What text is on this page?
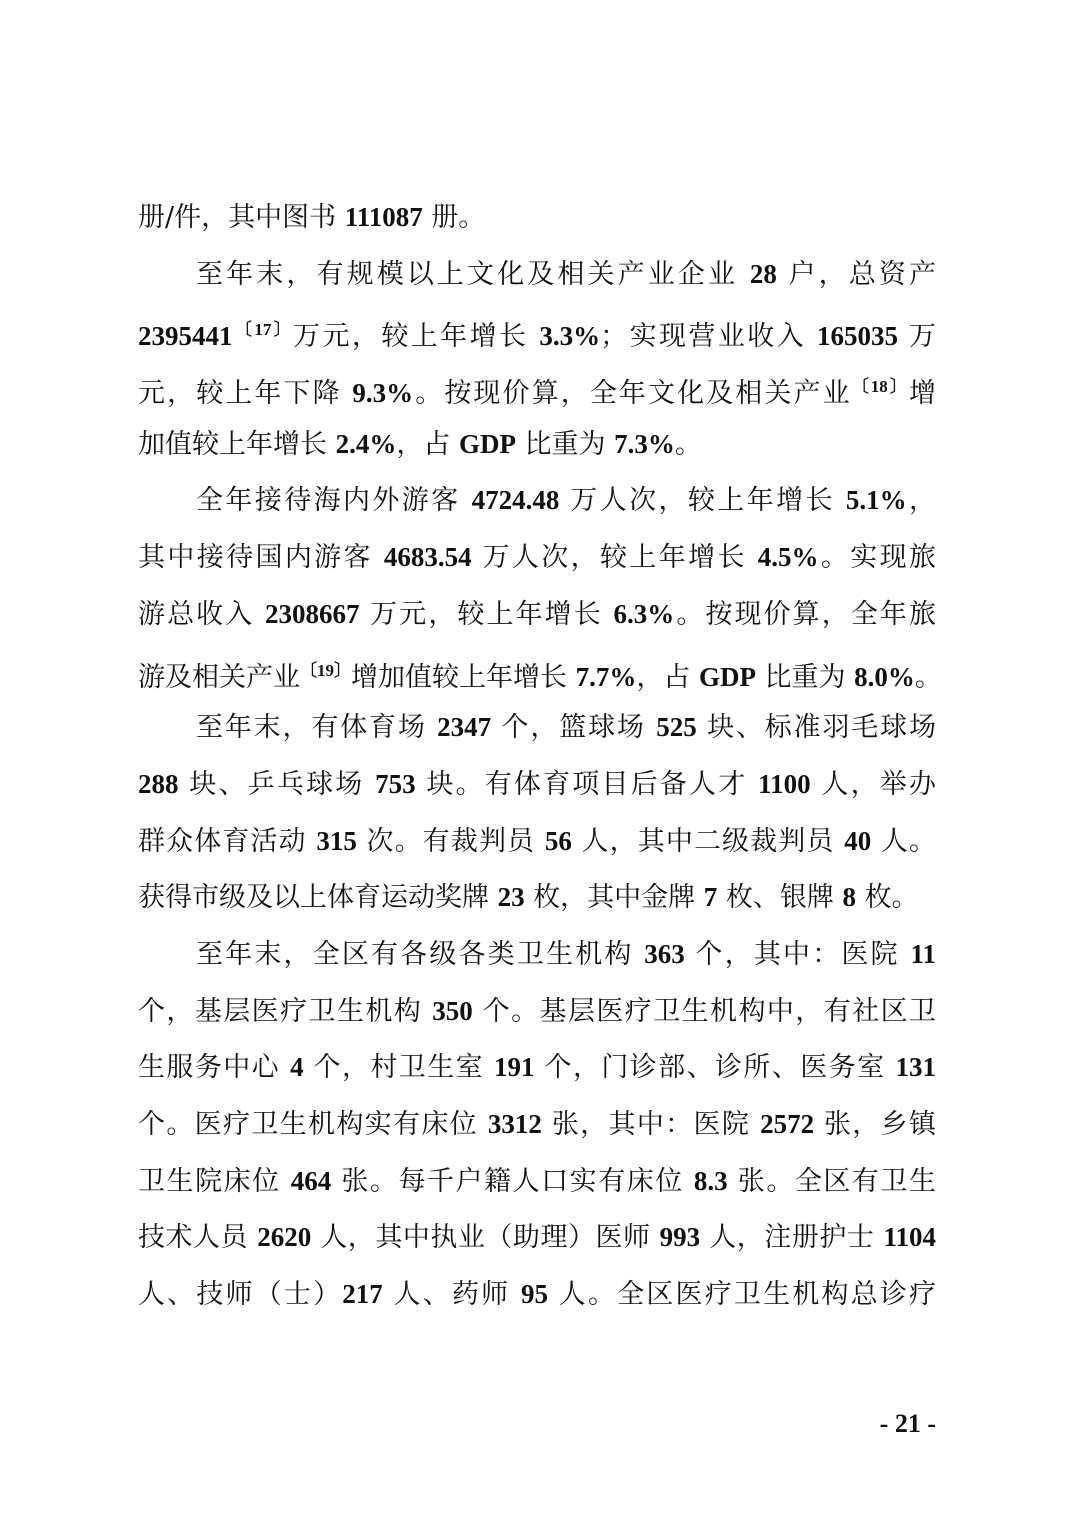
册/件，其中图书 111087 册。
至年末，有规模以上文化及相关产业企业 28 户，总资产
2395441$^{〔17〕}$万元，较上年增长 3.3%；实现营业收入 165035 万
元，较上年下降 9.3%。按现价算，全年文化及相关产业$^{〔18〕}$增
加值较上年增长 2.4%，占 GDP 比重为 7.3%。
全年接待海内外游客 4724.48 万人次，较上年增长 5.1%，
其中接待国内游客 4683.54 万人次，较上年增长 4.5%。实现旅
游总收入 2308667 万元，较上年增长 6.3%。按现价算，全年旅
游及相关产业$^{〔19〕}$增加值较上年增长 7.7%，占 GDP 比重为 8.0%。
至年末，有体育场 2347 个，篮球场 525 块、标准羽毛球场
288 块、乒乓球场 753 块。有体育项目后备人才 1100 人，举办
群众体育活动 315 次。有裁判员 56 人，其中二级裁判员 40 人。
获得市级及以上体育运动奖牌 23 枚，其中金牌 7 枚、银牌 8 枚。
至年末，全区有各级各类卫生机构 363 个，其中：医院 11
个，基层医疗卫生机构 350 个。基层医疗卫生机构中，有社区卫
生服务中心 4 个，村卫生室 191 个，门诊部、诊所、医务室 131
个。医疗卫生机构实有床位 3312 张，其中：医院 2572 张，乡镇
卫生院床位 464 张。每千户籍人口实有床位 8.3 张。全区有卫生
技术人员 2620 人，其中执业（助理）医师 993 人，注册护士 1104
人、技师（士）217 人、药师 95 人。全区医疗卫生机构总诊疗
- 21 -
